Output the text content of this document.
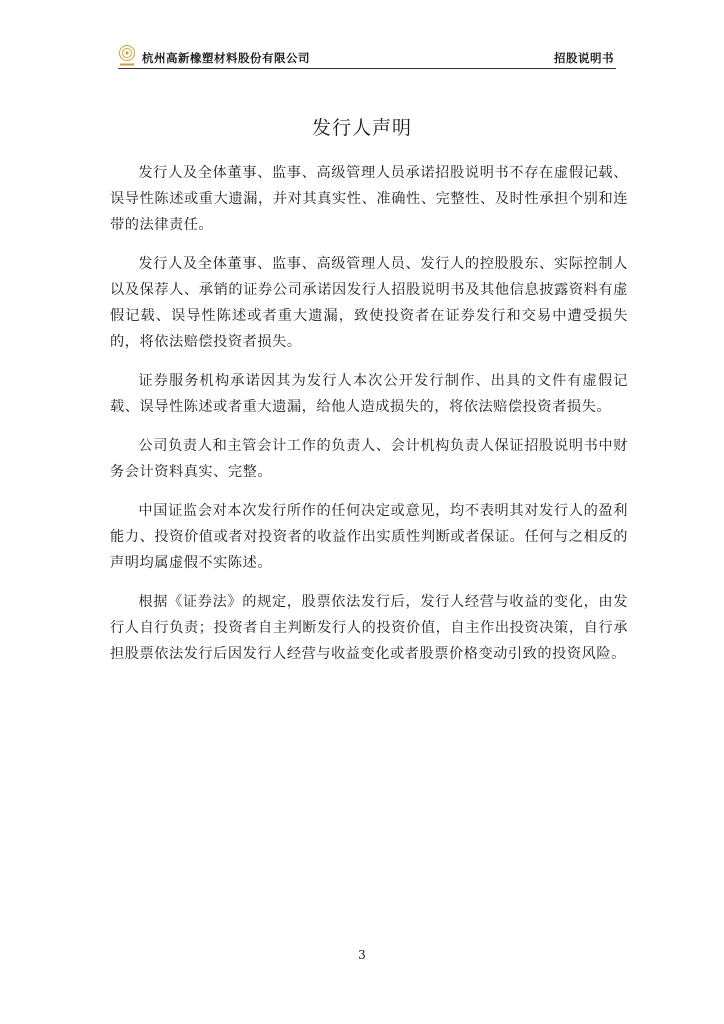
杭州高新橡塑材料股份有限公司	招股说明书
发行人声明

发行人及全体董事、监事、高级管理人员承诺招股说明书不存在虚假记载、误导性陈述或重大遗漏，并对其真实性、准确性、完整性、及时性承担个别和连带的法律责任。

发行人及全体董事、监事、高级管理人员、发行人的控股股东、实际控制人以及保荐人、承销的证券公司承诺因发行人招股说明书及其他信息披露资料有虚假记载、误导性陈述或者重大遗漏，致使投资者在证券发行和交易中遭受损失的，将依法赔偿投资者损失。

证券服务机构承诺因其为发行人本次公开发行制作、出具的文件有虚假记载、误导性陈述或者重大遗漏，给他人造成损失的，将依法赔偿投资者损失。

公司负责人和主管会计工作的负责人、会计机构负责人保证招股说明书中财务会计资料真实、完整。

中国证监会对本次发行所作的任何决定或意见，均不表明其对发行人的盈利能力、投资价值或者对投资者的收益作出实质性判断或者保证。任何与之相反的声明均属虚假不实陈述。

根据《证券法》的规定，股票依法发行后，发行人经营与收益的变化，由发行人自行负责；投资者自主判断发行人的投资价值，自主作出投资决策，自行承担股票依法发行后因发行人经营与收益变化或者股票价格变动引致的投资风险。

3
